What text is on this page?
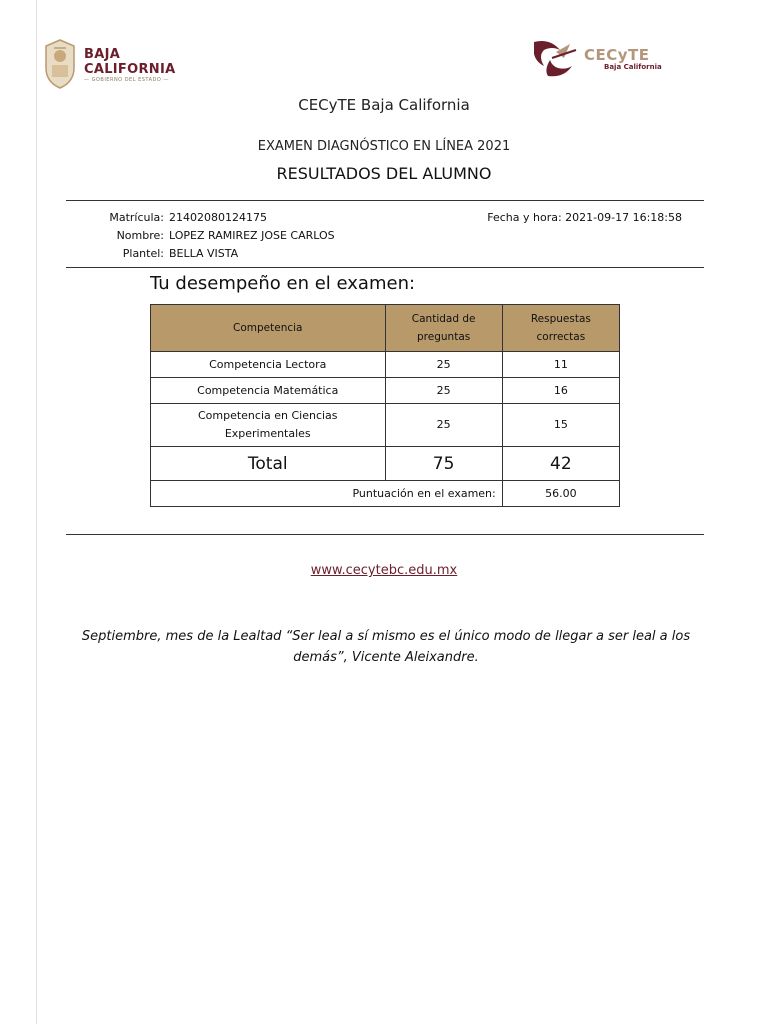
BAJA
CALIFORNIA
— GOBIERNO DEL ESTADO —
CECyTE
Baja California
CECyTE Baja California
EXAMEN DIAGNÓSTICO EN LÍNEA 2021
RESULTADOS DEL ALUMNO
Matrícula: 21402080124175
Nombre: LOPEZ RAMIREZ JOSE CARLOS
Plantel: BELLA VISTA
Fecha y hora: 2021-09-17 16:18:58
Tu desempeño en el examen:
Competencia	Cantidad de preguntas	Respuestas correctas
Competencia Lectora	25	11
Competencia Matemática	25	16
Competencia en Ciencias Experimentales	25	15
Total	75	42
Puntuación en el examen:		56.00
www.cecytebc.edu.mx
Septiembre, mes de la Lealtad “Ser leal a sí mismo es el único modo de llegar a ser leal a los demás”, Vicente Aleixandre.
